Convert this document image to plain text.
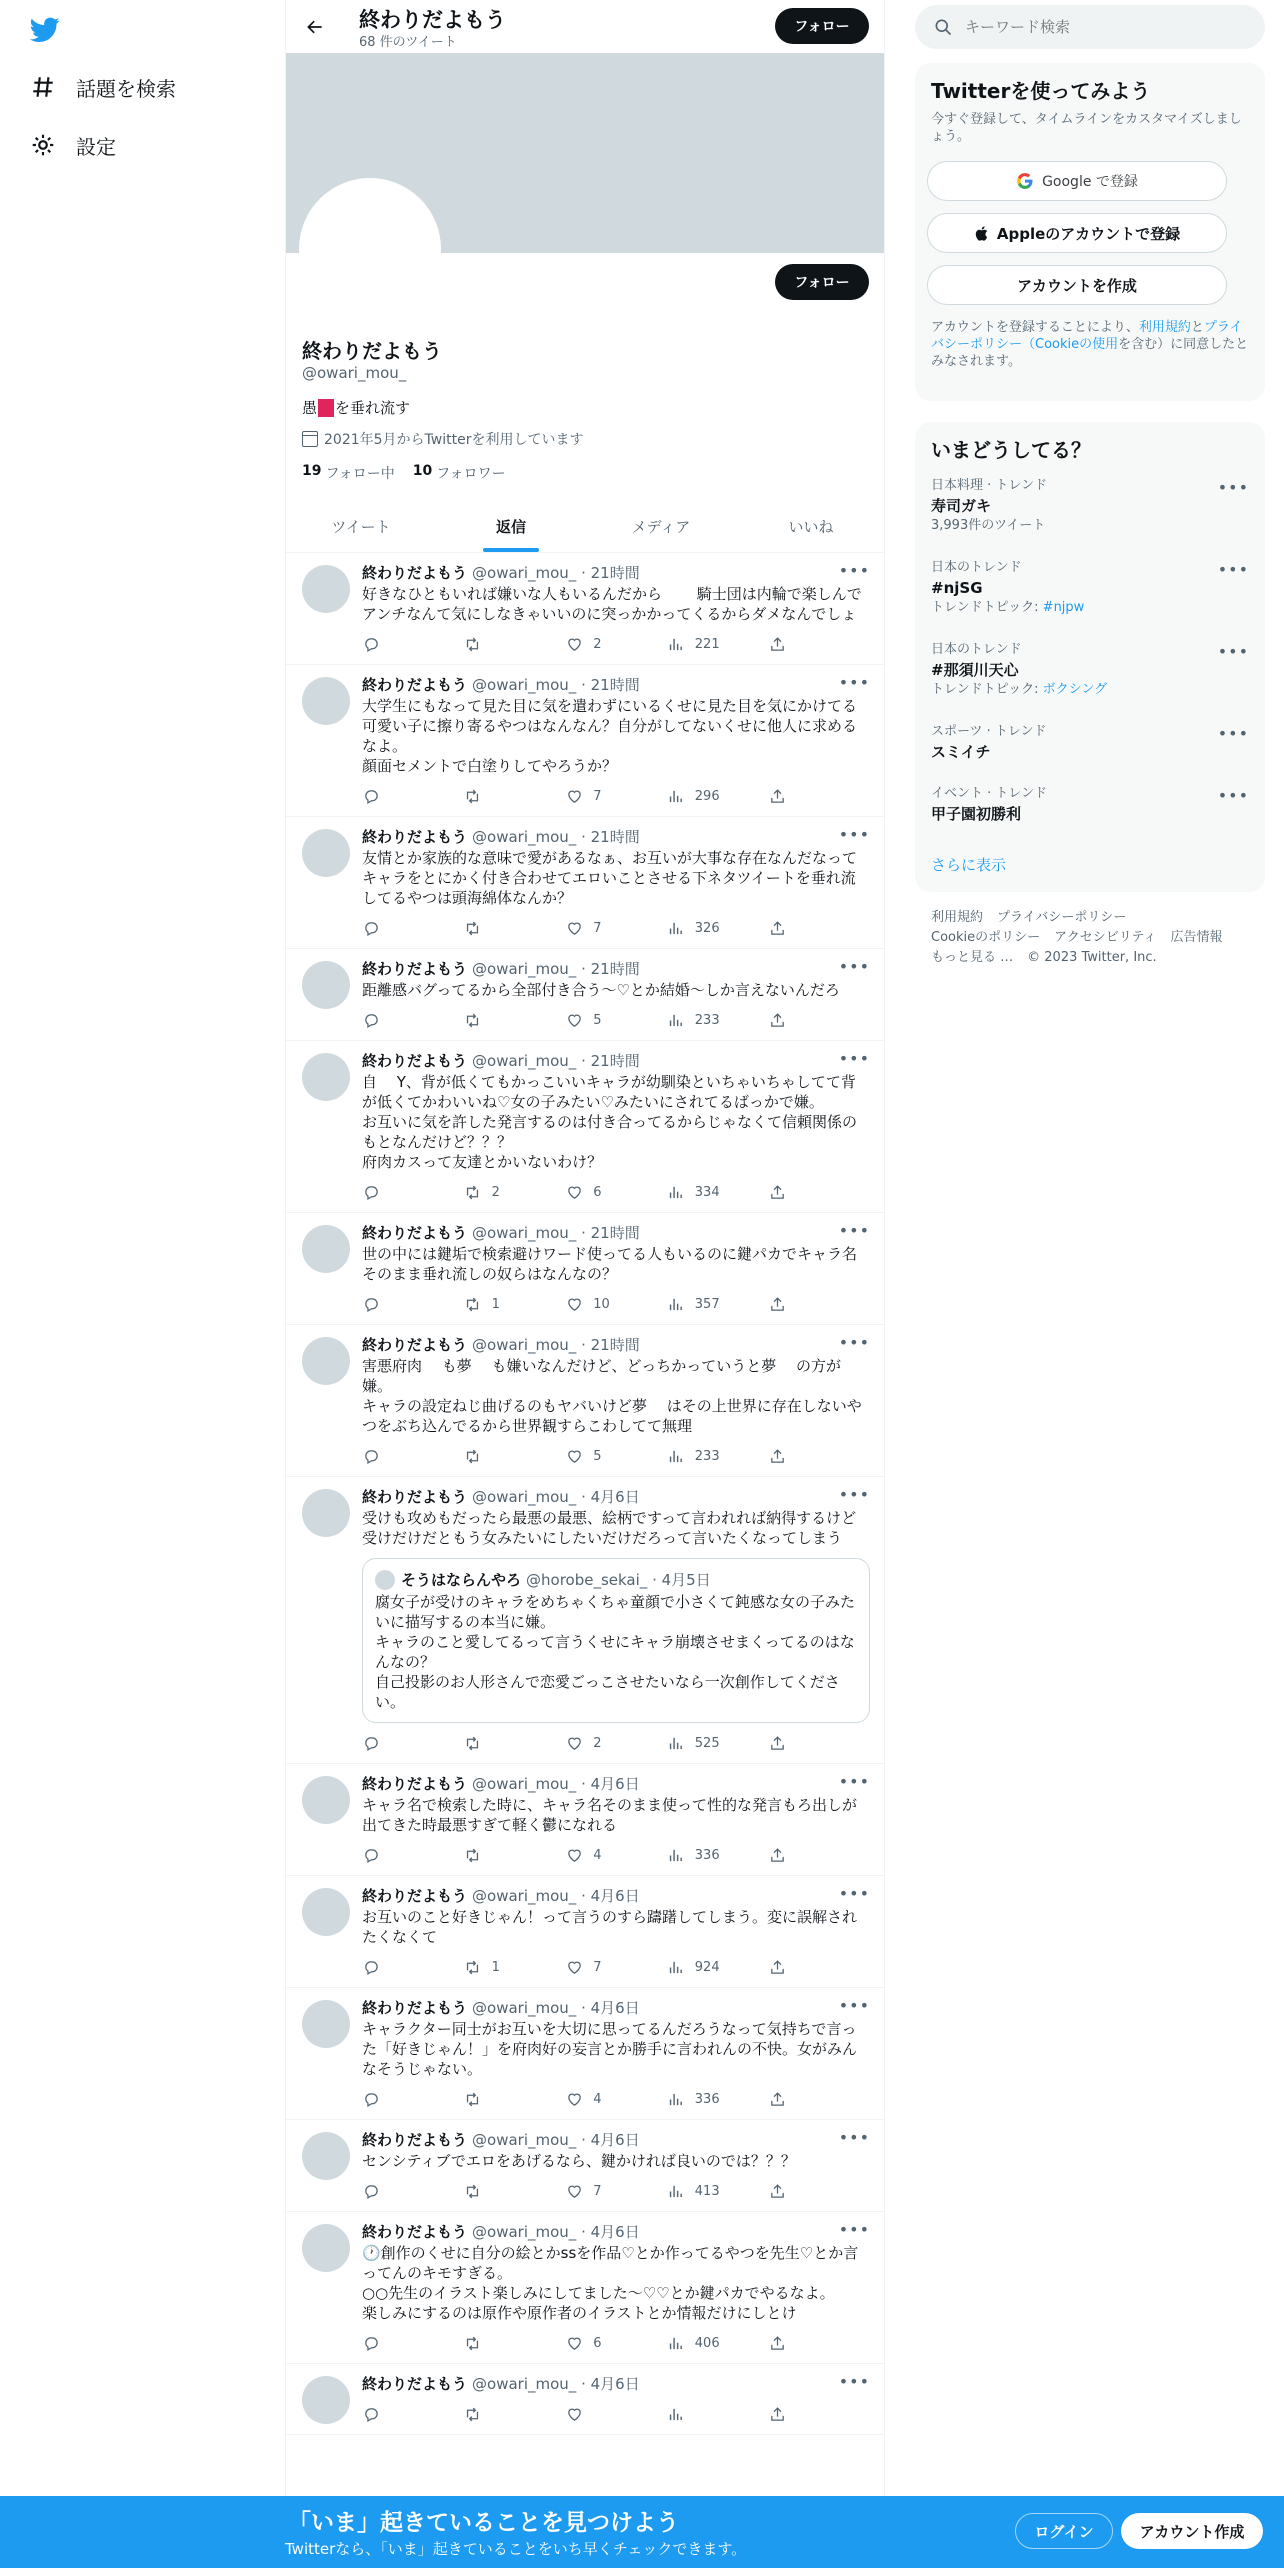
話題を検索
設定
終わりだよもう
68 件のツイート
フォロー
フォロー
終わりだよもう
@owari_mou_
愚 を垂れ流す
2021年5月からTwitterを利用しています
19 フォロー中 10 フォロワー
ツイート	返信	メディア	いいね
終わりだよもう @owari_mou_ · 21時間	•••
好きなひともいれば嫌いな人もいるんだから　　 騎士団は内輪で楽しんでアンチなんて気にしなきゃいいのに突っかかってくるからダメなんでしょ
2	221
終わりだよもう @owari_mou_ · 21時間	•••
大学生にもなって見た目に気を遣わずにいるくせに見た目を気にかけてる可愛い子に擦り寄るやつはなんなん？自分がしてないくせに他人に求めるなよ。
顔面セメントで白塗りしてやろうか？
7	296
終わりだよもう @owari_mou_ · 21時間	•••
友情とか家族的な意味で愛があるなぁ、お互いが大事な存在なんだなってキャラをとにかく付き合わせてエロいことさせる下ネタツイートを垂れ流してるやつは頭海綿体なんか？
7	326
終わりだよもう @owari_mou_ · 21時間	•••
距離感バグってるから全部付き合う〜♡とか結婚〜しか言えないんだろ
5	233
終わりだよもう @owari_mou_ · 21時間	•••
自　 Y、背が低くてもかっこいいキャラが幼馴染といちゃいちゃしてて背が低くてかわいいね♡女の子みたい♡みたいにされてるばっかで嫌。
お互いに気を許した発言するのは付き合ってるからじゃなくて信頼関係のもとなんだけど？？？
府肉カスって友達とかいないわけ？
2	6	334
終わりだよもう @owari_mou_ · 21時間	•••
世の中には鍵垢で検索避けワード使ってる人もいるのに鍵パカでキャラ名そのまま垂れ流しの奴らはなんなの？
1	10	357
終わりだよもう @owari_mou_ · 21時間	•••
害悪府肉　 も夢　 も嫌いなんだけど、どっちかっていうと夢　 の方が嫌。
キャラの設定ねじ曲げるのもヤバいけど夢　 はその上世界に存在しないやつをぶち込んでるから世界観すらこわしてて無理
5	233
終わりだよもう @owari_mou_ · 4月6日	•••
受けも攻めもだったら最悪の最悪、絵柄ですって言われれば納得するけど受けだけだともう女みたいにしたいだけだろって言いたくなってしまう
そうはならんやろ @horobe_sekai_ · 4月5日
腐女子が受けのキャラをめちゃくちゃ童顔で小さくて鈍感な女の子みたいに描写するの本当に嫌。
キャラのこと愛してるって言うくせにキャラ崩壊させまくってるのはなんなの？
自己投影のお人形さんで恋愛ごっこさせたいなら一次創作してください。
2	525
終わりだよもう @owari_mou_ · 4月6日	•••
キャラ名で検索した時に、キャラ名そのまま使って性的な発言もろ出しが出てきた時最悪すぎて軽く鬱になれる
4	336
終わりだよもう @owari_mou_ · 4月6日	•••
お互いのこと好きじゃん！って言うのすら躊躇してしまう。変に誤解されたくなくて
1	7	924
終わりだよもう @owari_mou_ · 4月6日	•••
キャラクター同士がお互いを大切に思ってるんだろうなって気持ちで言った「好きじゃん！」を府肉好の妄言とか勝手に言われんの不快。女がみんなそうじゃない。
4	336
終わりだよもう @owari_mou_ · 4月6日	•••
センシティブでエロをあげるなら、鍵かければ良いのでは？？？
7	413
終わりだよもう @owari_mou_ · 4月6日	•••
🕐創作のくせに自分の絵とかssを作品♡とか作ってるやつを先生♡とか言ってんのキモすぎる。
○○先生のイラスト楽しみにしてました〜♡♡とか鍵パカでやるなよ。
楽しみにするのは原作や原作者のイラストとか情報だけにしとけ
6	406
終わりだよもう @owari_mou_ · 4月6日	•••
キーワード検索
Twitterを使ってみよう
今すぐ登録して、タイムラインをカスタマイズしましょう。
Google で登録
Appleのアカウントで登録
アカウントを作成
アカウントを登録することにより、利用規約とプライバシーポリシー（Cookieの使用を含む）に同意したとみなされます。
いまどうしてる？
日本料理 · トレンド
寿司ガキ
3,993件のツイート
•••
日本のトレンド
#njSG
トレンドトピック: #njpw
•••
日本のトレンド
#那須川天心
トレンドトピック: ボクシング
•••
スポーツ · トレンド
スミイチ
•••
イベント · トレンド
甲子園初勝利
•••
さらに表示
利用規約 プライバシーポリシー
Cookieのポリシー アクセシビリティ 広告情報
もっと見る … © 2023 Twitter, Inc.
「いま」起きていることを見つけよう
Twitterなら、「いま」起きていることをいち早くチェックできます。
ログイン	アカウント作成
